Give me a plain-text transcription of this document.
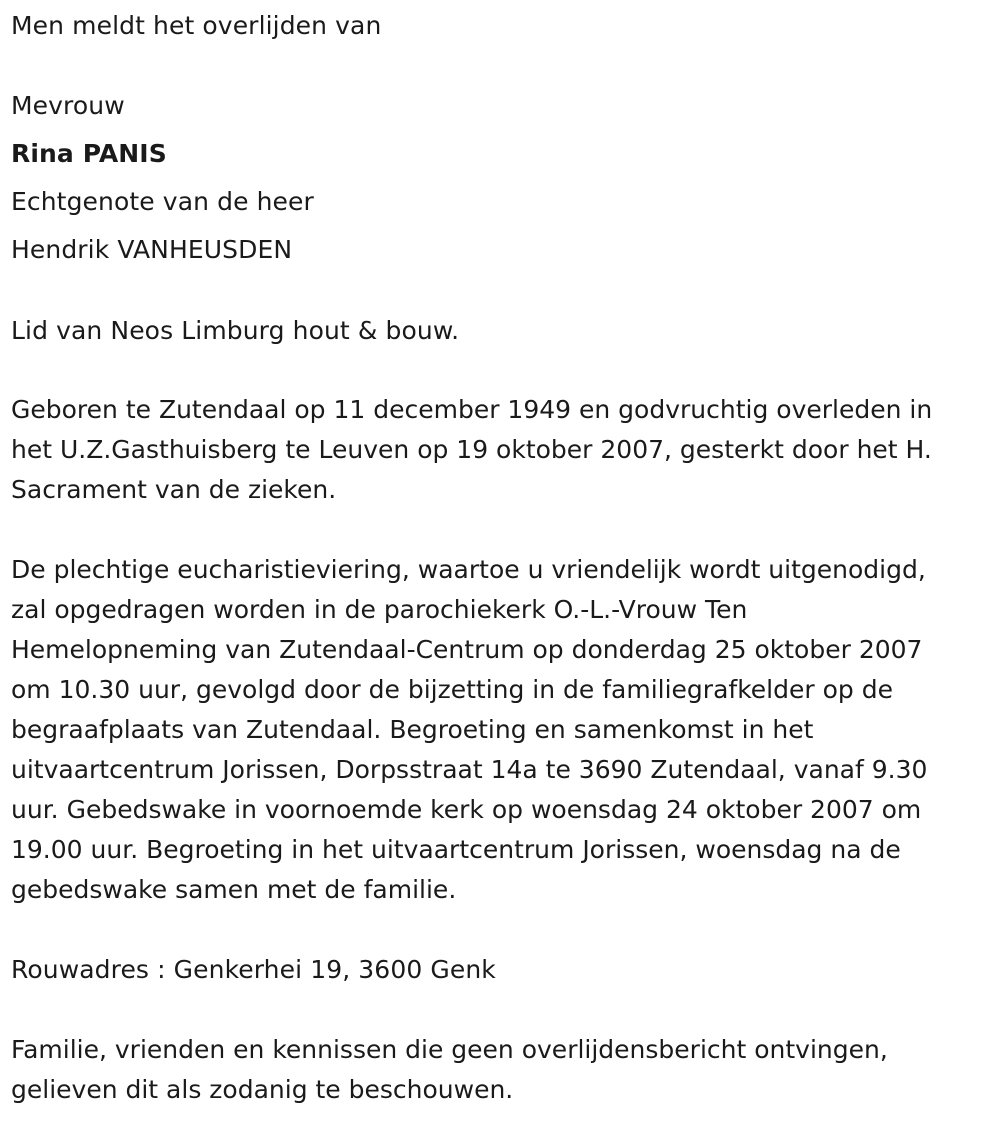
Men meldt het overlijden van

Mevrouw

Rina PANIS

Echtgenote van de heer

Hendrik VANHEUSDEN

Lid van Neos Limburg hout & bouw.

Geboren te Zutendaal op 11 december 1949 en godvruchtig overleden in
het U.Z.Gasthuisberg te Leuven op 19 oktober 2007, gesterkt door het H.
Sacrament van de zieken.

De plechtige eucharistieviering, waartoe u vriendelijk wordt uitgenodigd,
zal opgedragen worden in de parochiekerk O.-L.-Vrouw Ten
Hemelopneming van Zutendaal-Centrum op donderdag 25 oktober 2007
om 10.30 uur, gevolgd door de bijzetting in de familiegrafkelder op de
begraafplaats van Zutendaal. Begroeting en samenkomst in het
uitvaartcentrum Jorissen, Dorpsstraat 14a te 3690 Zutendaal, vanaf 9.30
uur. Gebedswake in voornoemde kerk op woensdag 24 oktober 2007 om
19.00 uur. Begroeting in het uitvaartcentrum Jorissen, woensdag na de
gebedswake samen met de familie.

Rouwadres : Genkerhei 19, 3600 Genk

Familie, vrienden en kennissen die geen overlijdensbericht ontvingen,
gelieven dit als zodanig te beschouwen.
